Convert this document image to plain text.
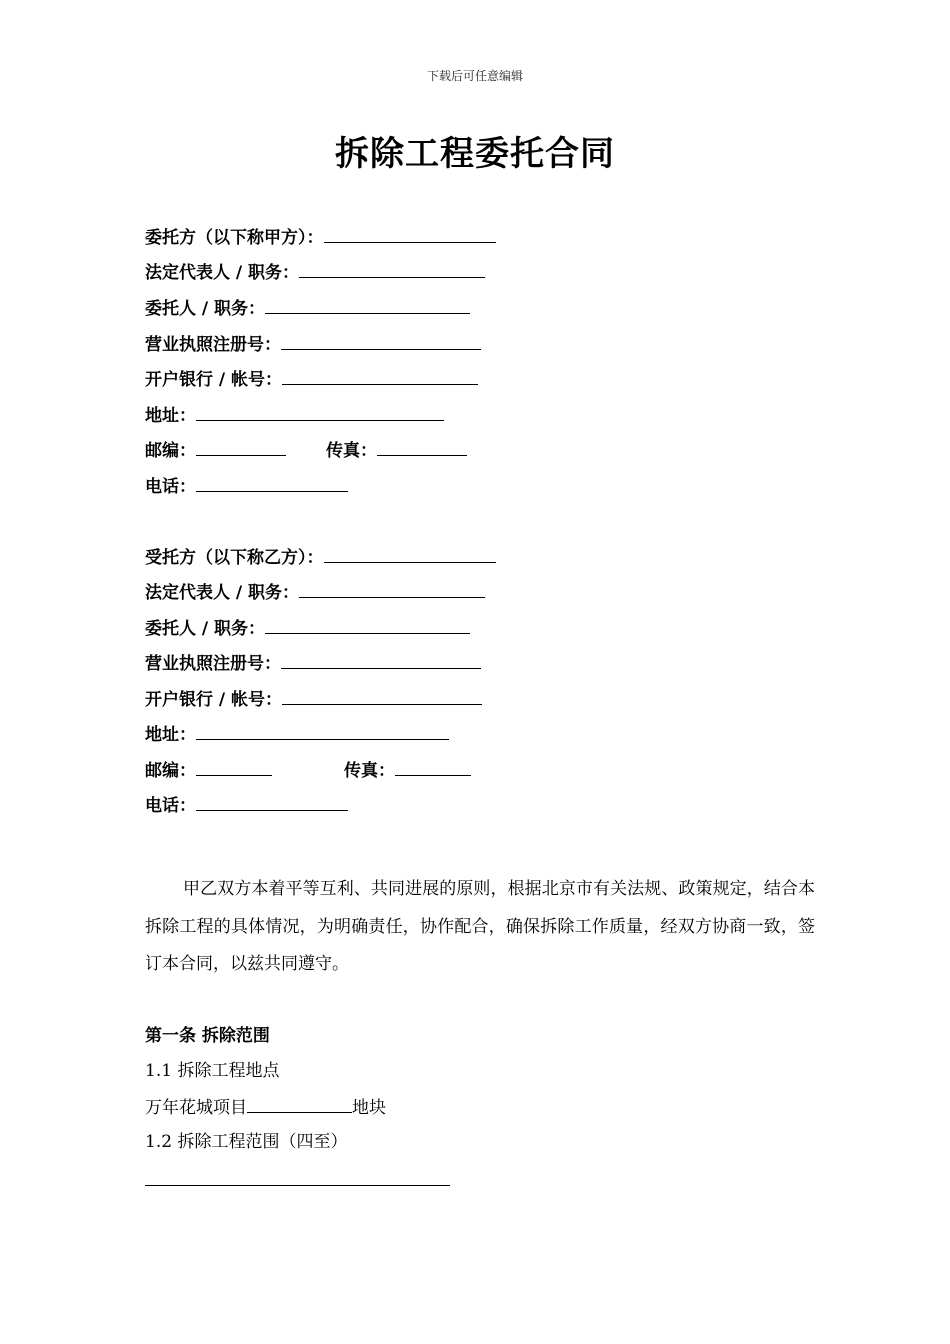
下载后可任意编辑
拆除工程委托合同
委托方（以下称甲方）：
法定代表人 / 职务：
委托人 / 职务：
营业执照注册号：
开户银行 / 帐号：
地址：
邮编：	传真：
电话：
受托方（以下称乙方）：
法定代表人 / 职务：
委托人 / 职务：
营业执照注册号：
开户银行 / 帐号：
地址：
邮编：	传真：
电话：
甲乙双方本着平等互利、共同进展的原则，根据北京市有关法规、政策规定，结合本拆除工程的具体情况，为明确责任，协作配合，确保拆除工作质量，经双方协商一致，签订本合同，以兹共同遵守。
第一条 拆除范围
1.1 拆除工程地点
万年花城项目	地块
1.2 拆除工程范围（四至）
